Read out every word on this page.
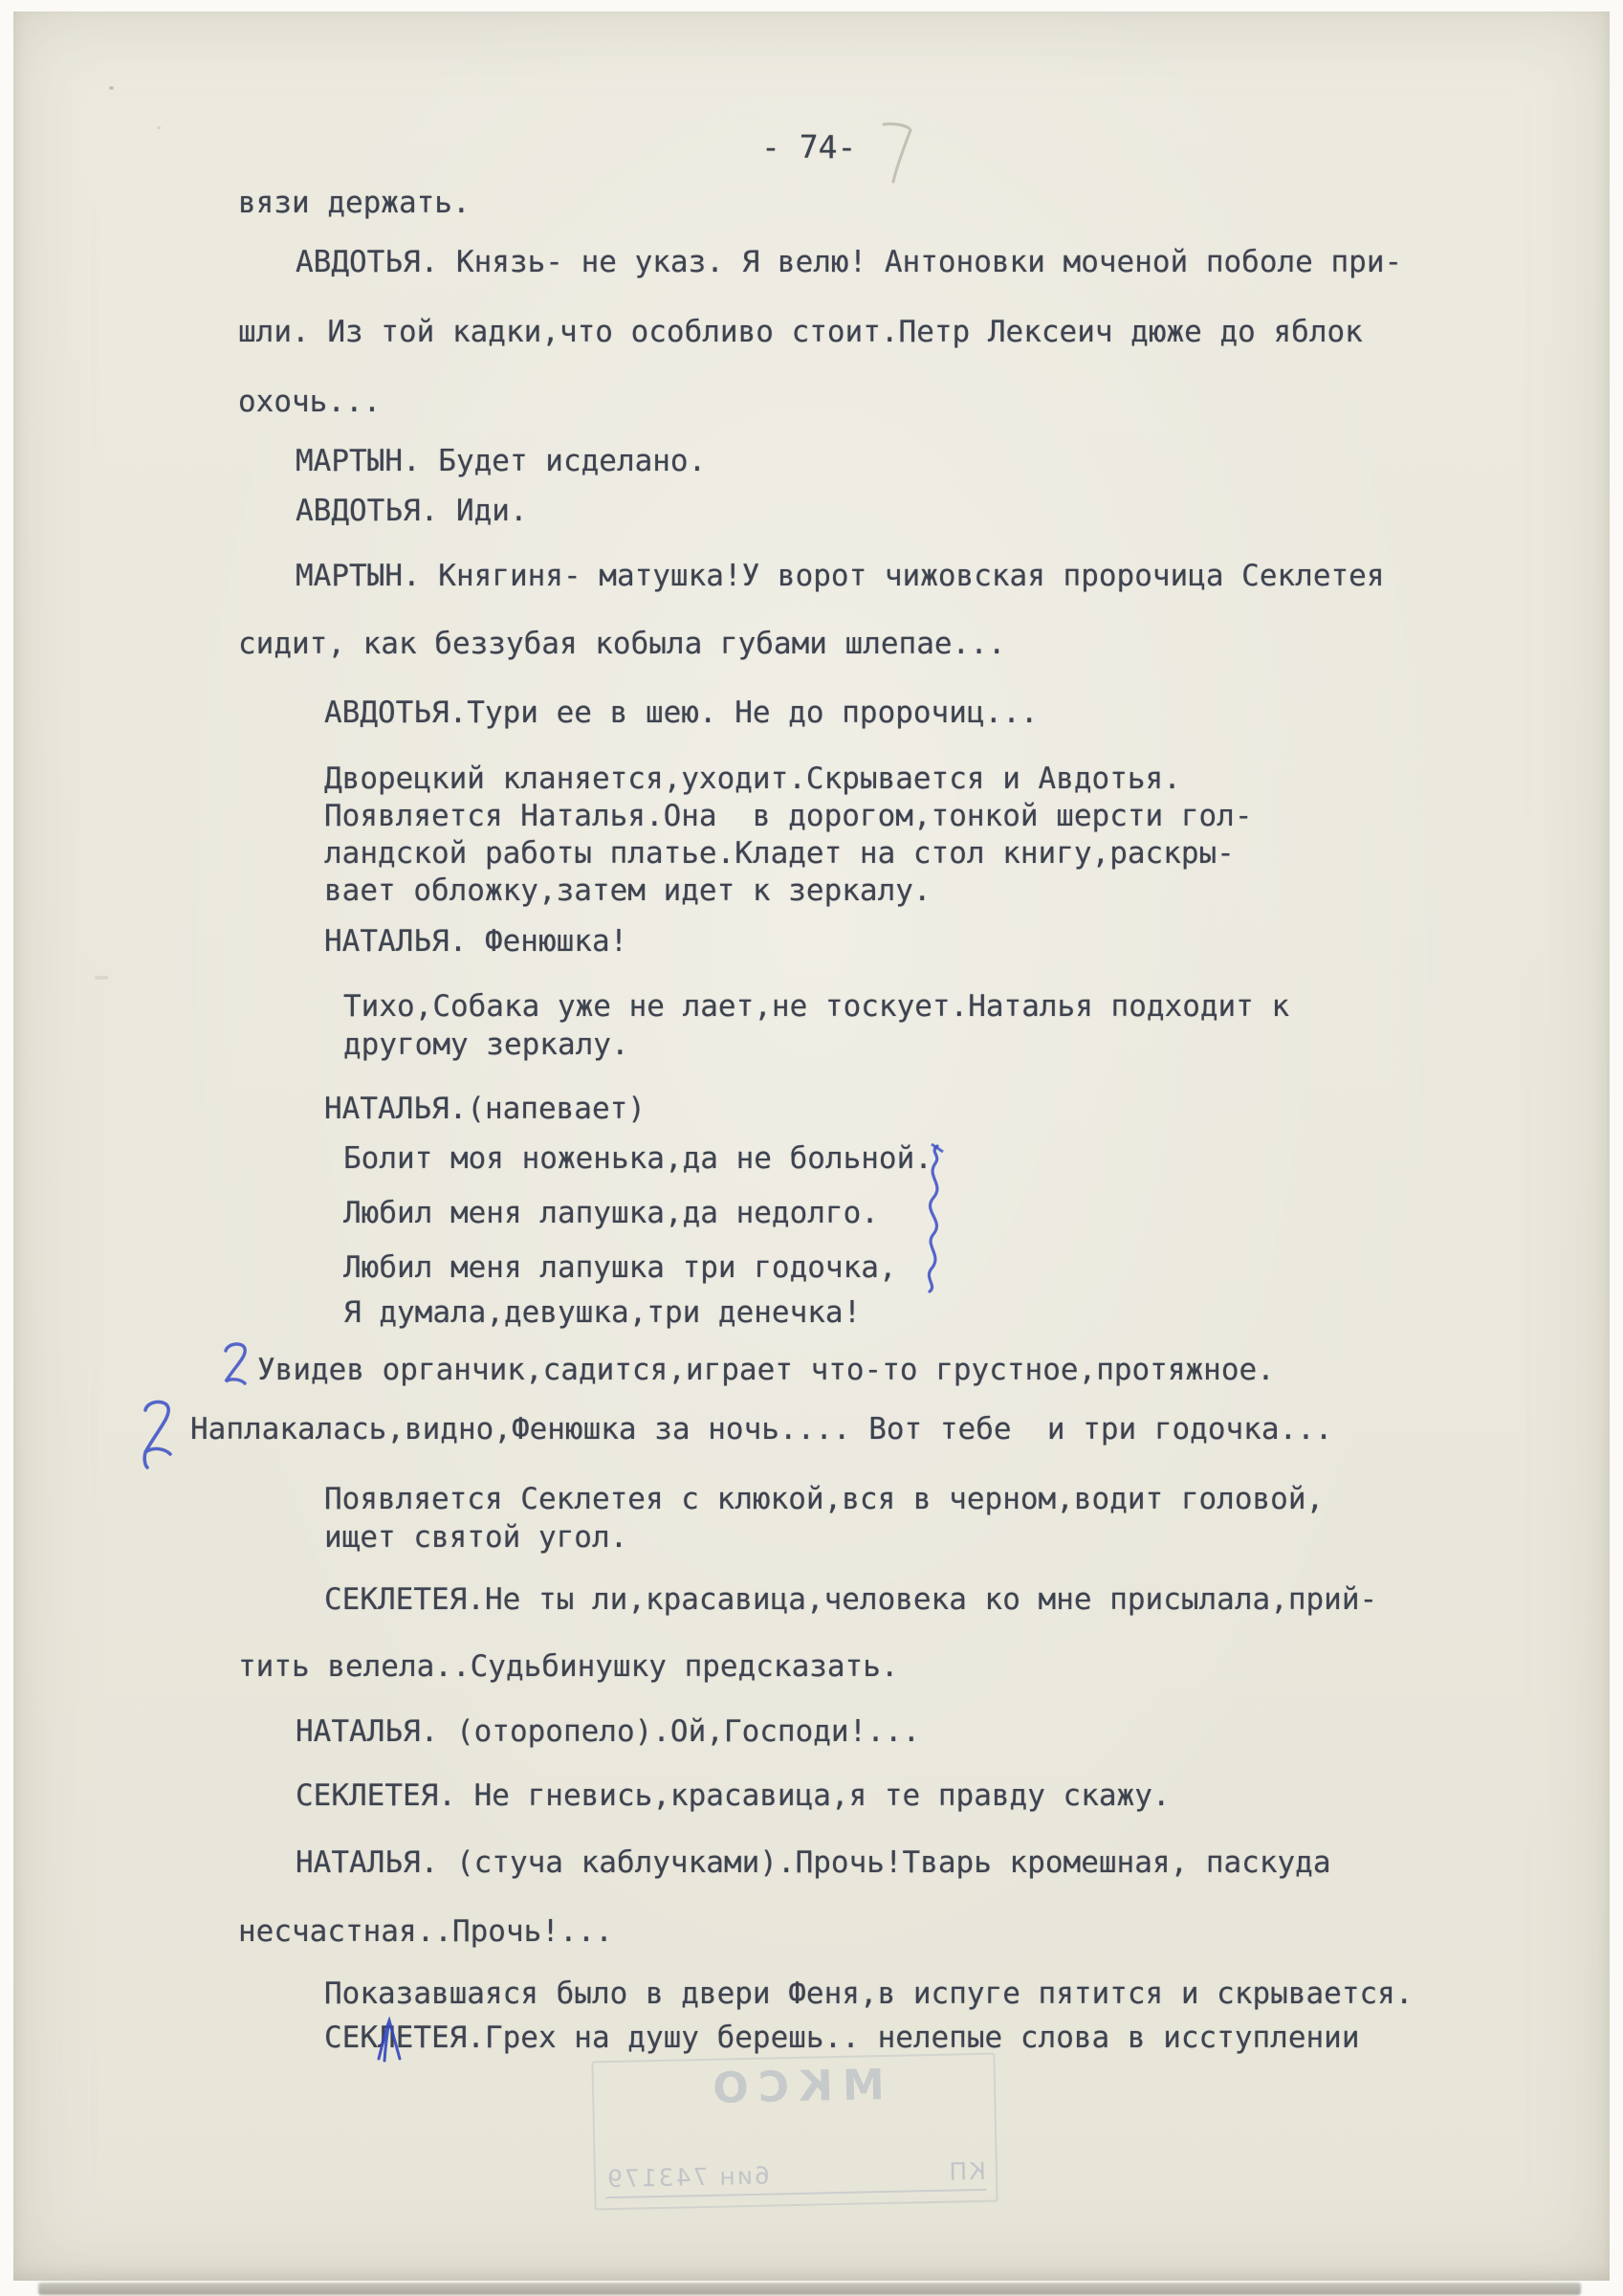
- 74-
вязи держать.
АВДОТЬЯ. Князь- не указ. Я велю! Антоновки моченой поболе при-
шли. Из той кадки,что особливо стоит.Петр Лексеич дюже до яблок
охочь...
МАРТЫН. Будет исделано.
АВДОТЬЯ. Иди.
МАРТЫН. Княгиня- матушка!У ворот чижовская пророчица Секлетея
сидит, как беззубая кобыла губами шлепае...
АВДОТЬЯ.Тури ее в шею. Не до пророчиц...
Дворецкий кланяется,уходит.Скрывается и Авдотья.
Появляется Наталья.Она  в дорогом,тонкой шерсти гол-
ландской работы платье.Кладет на стол книгу,раскры-
вает обложку,затем идет к зеркалу.
НАТАЛЬЯ. Фенюшка!
Тихо,Собака уже не лает,не тоскует.Наталья подходит к
другому зеркалу.
НАТАЛЬЯ.(напевает)
Болит моя ноженька,да не больной.
Любил меня лапушка,да недолго.
Любил меня лапушка три годочка,
Я думала,девушка,три денечка!
Увидев органчик,садится,играет что-то грустное,протяжное.
Наплакалась,видно,Фенюшка за ночь.... Вот тебе  и три годочка...
Появляется Секлетея с клюкой,вся в черном,водит головой,
ищет святой угол.
СЕКЛЕТЕЯ.Не ты ли,красавица,человека ко мне присылала,прий-
тить велела..Судьбинушку предсказать.
НАТАЛЬЯ. (оторопело).Ой,Господи!...
СЕКЛЕТЕЯ. Не гневись,красавица,я те правду скажу.
НАТАЛЬЯ. (стуча каблучками).Прочь!Тварь кромешная, паскуда
несчастная..Прочь!...
Показавшаяся было в двери Феня,в испуге пятится и скрывается.
СЕКЛЕТЕЯ.Грех на душу берешь.. нелепые слова в исступлении
МКСО
КП
6ин 743179
